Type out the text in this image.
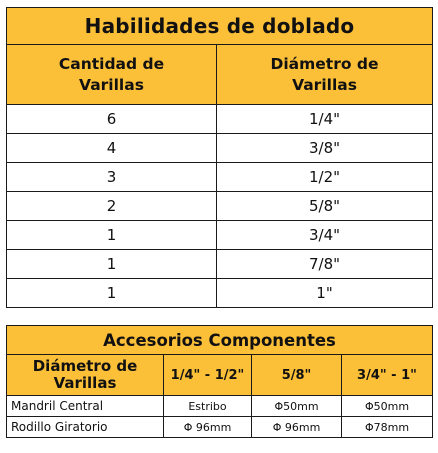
Habilidades de doblado	

Cantidad de
Varillas	Diámetro de
Varillas

6	1/4"
4	3/8"
3	1/2"
2	5/8"
1	3/4"
1	7/8"
1	1"
Accesorios Componentes			

Diámetro de
Varillas	1/4" - 1/2"	5/8"	3/4" - 1"
Mandril Central	Estribo	Φ50mm	Φ50mm
Rodillo Giratorio	Φ 96mm	Φ 96mm	Φ78mm
